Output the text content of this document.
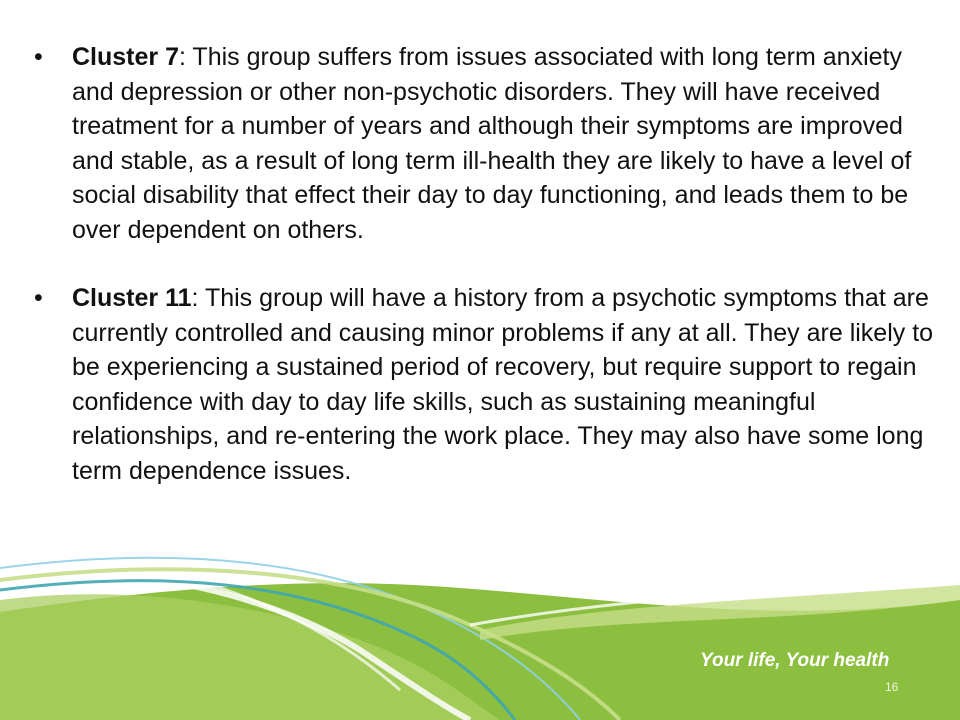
• Cluster 7: This group suffers from issues associated with long term anxiety and depression or other non-psychotic disorders. They will have received treatment for a number of years and although their symptoms are improved and stable, as a result of long term ill-health they are likely to have a level of social disability that effect their day to day functioning, and leads them to be over dependent on others.
• Cluster 11: This group will have a history from a psychotic symptoms that are currently controlled and causing minor problems if any at all. They are likely to be experiencing a sustained period of recovery, but require support to regain confidence with day to day life skills, such as sustaining meaningful relationships, and re-entering the work place. They may also have some long term dependence issues.
Your life, Your health
16
